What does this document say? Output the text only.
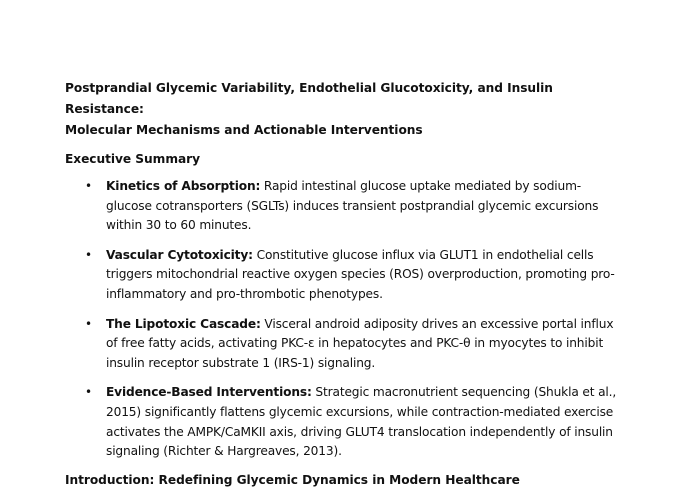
Postprandial Glycemic Variability, Endothelial Glucotoxicity, and Insulin Resistance:
Molecular Mechanisms and Actionable Interventions
Executive Summary
• Kinetics of Absorption: Rapid intestinal glucose uptake mediated by sodium-glucose cotransporters (SGLTs) induces transient postprandial glycemic excursions within 30 to 60 minutes.
• Vascular Cytotoxicity: Constitutive glucose influx via GLUT1 in endothelial cells triggers mitochondrial reactive oxygen species (ROS) overproduction, promoting pro-inflammatory and pro-thrombotic phenotypes.
• The Lipotoxic Cascade: Visceral android adiposity drives an excessive portal influx of free fatty acids, activating PKC-ε in hepatocytes and PKC-θ in myocytes to inhibit insulin receptor substrate 1 (IRS-1) signaling.
• Evidence-Based Interventions: Strategic macronutrient sequencing (Shukla et al., 2015) significantly flattens glycemic excursions, while contraction-mediated exercise activates the AMPK/CaMKII axis, driving GLUT4 translocation independently of insulin signaling (Richter & Hargreaves, 2013).
Introduction: Redefining Glycemic Dynamics in Modern Healthcare
